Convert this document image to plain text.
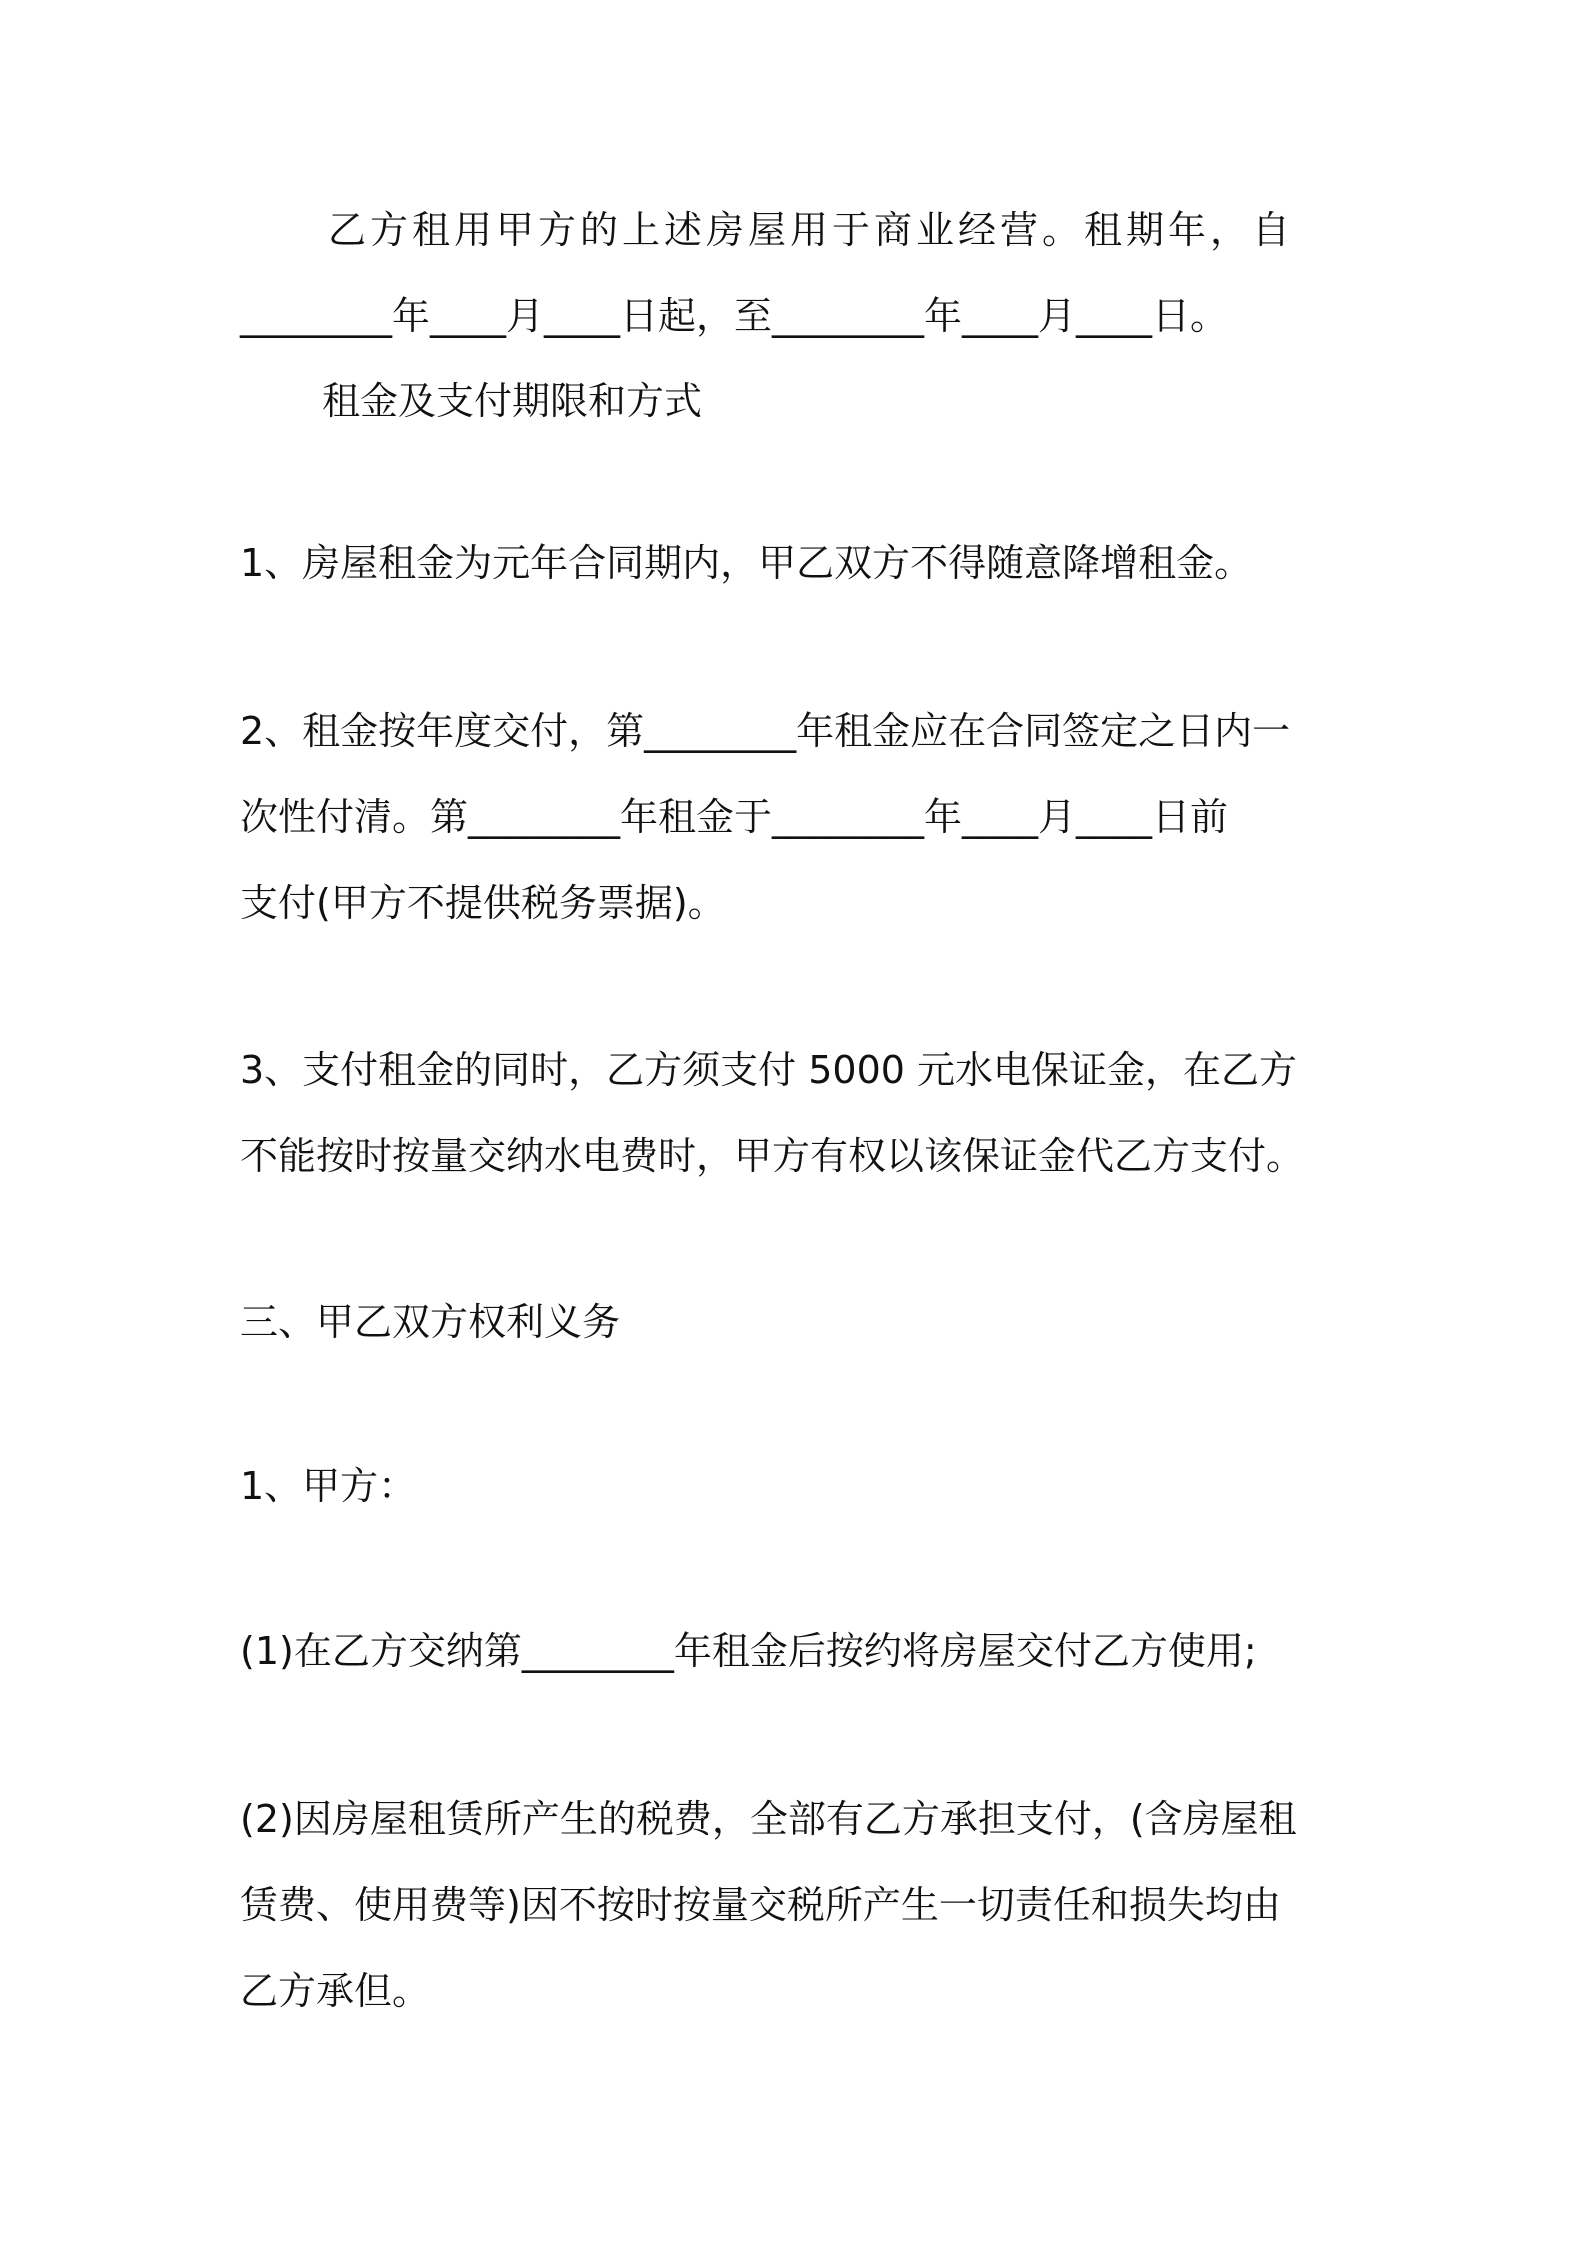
乙方租用甲方的上述房屋用于商业经营。租期年，自

________年____月____日起，至________年____月____日。

租金及支付期限和方式

1、房屋租金为元年合同期内，甲乙双方不得随意降增租金。

2、租金按年度交付，第________年租金应在合同签定之日内一

次性付清。第________年租金于________年____月____日前

支付(甲方不提供税务票据)。

3、支付租金的同时，乙方须支付 5000 元水电保证金，在乙方

不能按时按量交纳水电费时，甲方有权以该保证金代乙方支付。

三、甲乙双方权利义务

1、甲方：

(1)在乙方交纳第________年租金后按约将房屋交付乙方使用;

(2)因房屋租赁所产生的税费，全部有乙方承担支付，(含房屋租

赁费、使用费等)因不按时按量交税所产生一切责任和损失均由

乙方承但。
